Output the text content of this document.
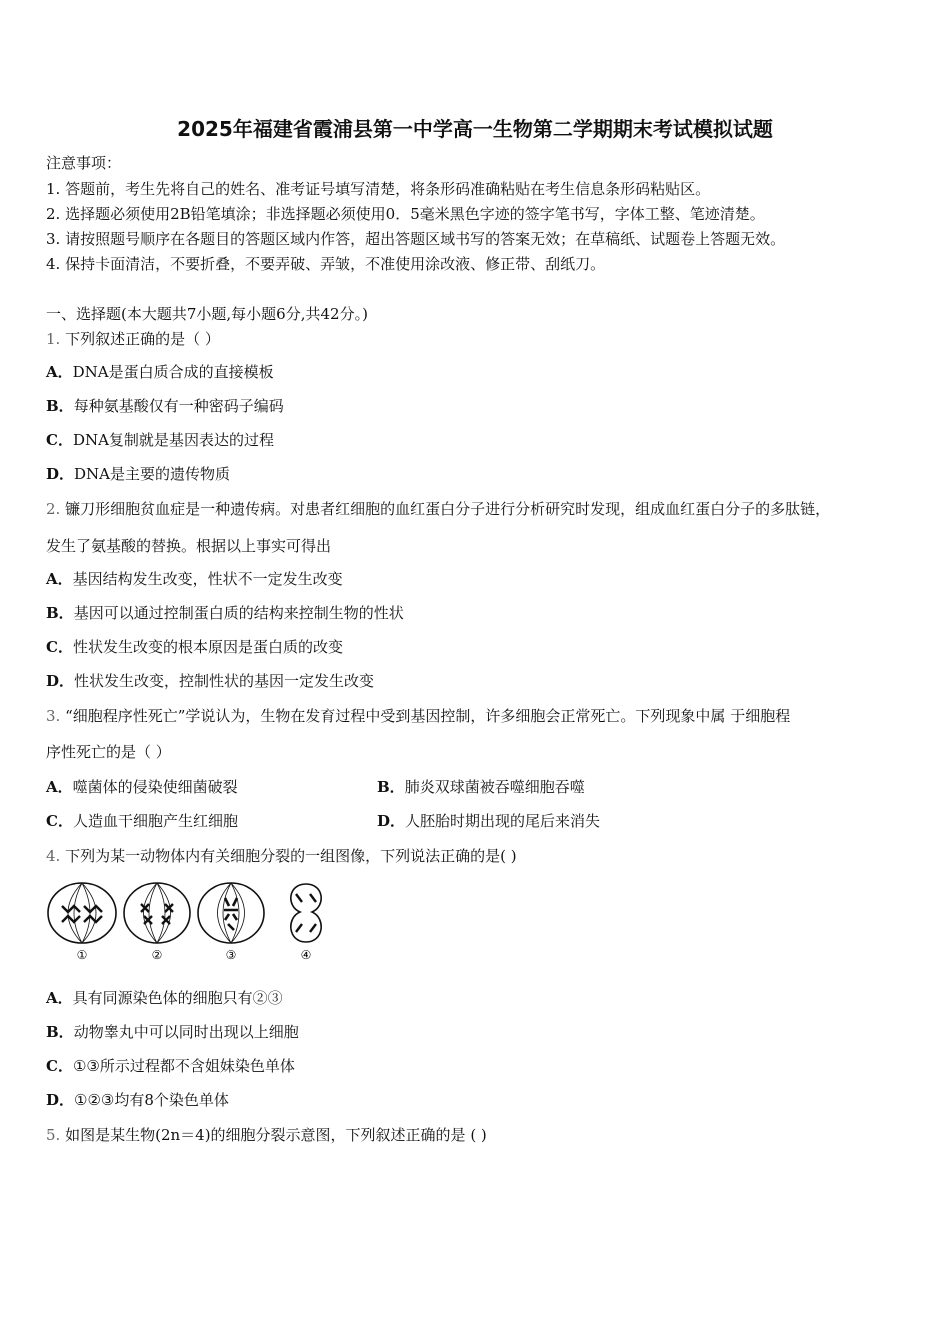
2025年福建省霞浦县第一中学高一生物第二学期期末考试模拟试题
注意事项：
1. 答题前，考生先将自己的姓名、准考证号填写清楚，将条形码准确粘贴在考生信息条形码粘贴区。
2. 选择题必须使用2B铅笔填涂；非选择题必须使用0．5毫米黑色字迹的签字笔书写，字体工整、笔迹清楚。
3. 请按照题号顺序在各题目的答题区域内作答，超出答题区域书写的答案无效；在草稿纸、试题卷上答题无效。
4. 保持卡面清洁，不要折叠，不要弄破、弄皱，不准使用涂改液、修正带、刮纸刀。
一、选择题(本大题共7小题,每小题6分,共42分。)
1. 下列叙述正确的是（ ）
A．DNA是蛋白质合成的直接模板
B．每种氨基酸仅有一种密码子编码
C．DNA复制就是基因表达的过程
D．DNA是主要的遗传物质
2. 镰刀形细胞贫血症是一种遗传病。对患者红细胞的血红蛋白分子进行分析研究时发现，组成血红蛋白分子的多肽链，
发生了氨基酸的替换。根据以上事实可得出
A．基因结构发生改变，性状不一定发生改变
B．基因可以通过控制蛋白质的结构来控制生物的性状
C．性状发生改变的根本原因是蛋白质的改变
D．性状发生改变，控制性状的基因一定发生改变
3. “细胞程序性死亡”学说认为，生物在发育过程中受到基因控制，许多细胞会正常死亡。下列现象中属 于细胞程
序性死亡的是（ ）
A．噬菌体的侵染使细菌破裂	B．肺炎双球菌被吞噬细胞吞噬
C．人造血干细胞产生红细胞	D．人胚胎时期出现的尾后来消失
4. 下列为某一动物体内有关细胞分裂的一组图像，下列说法正确的是( )
①	②	③	④
A．具有同源染色体的细胞只有②③
B．动物睾丸中可以同时出现以上细胞
C．①③所示过程都不含姐妹染色单体
D．①②③均有8个染色单体
5. 如图是某生物(2n＝4)的细胞分裂示意图，下列叙述正确的是 ( )
